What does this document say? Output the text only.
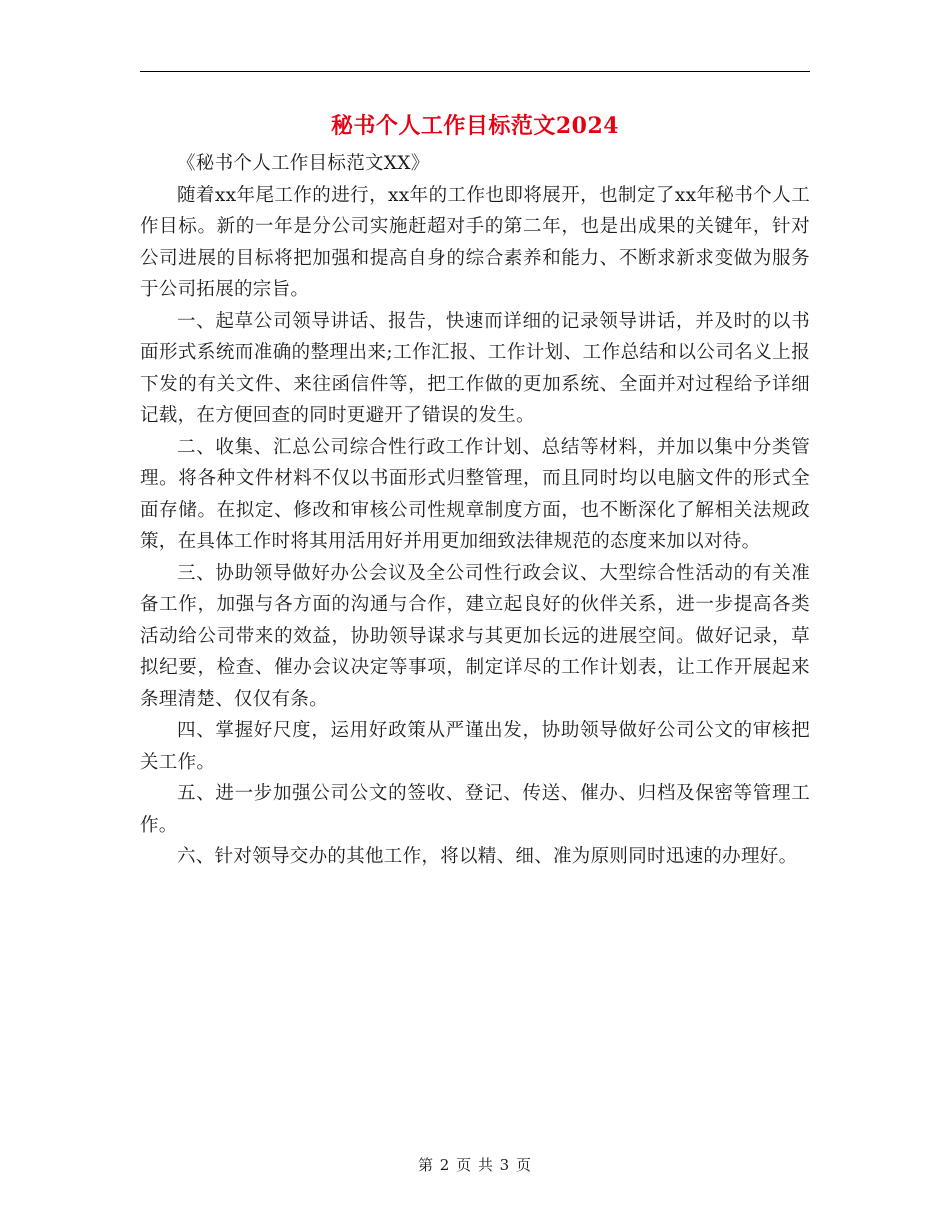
秘书个人工作目标范文2024

《秘书个人工作目标范文XX》

随着xx年尾工作的进行，xx年的工作也即将展开，也制定了xx年秘书个人工作目标。新的一年是分公司实施赶超对手的第二年，也是出成果的关键年，针对公司进展的目标将把加强和提高自身的综合素养和能力、不断求新求变做为服务于公司拓展的宗旨。

一、起草公司领导讲话、报告，快速而详细的记录领导讲话，并及时的以书面形式系统而准确的整理出来;工作汇报、工作计划、工作总结和以公司名义上报下发的有关文件、来往函信件等，把工作做的更加系统、全面并对过程给予详细记载，在方便回查的同时更避开了错误的发生。

二、收集、汇总公司综合性行政工作计划、总结等材料，并加以集中分类管理。将各种文件材料不仅以书面形式归整管理，而且同时均以电脑文件的形式全面存储。在拟定、修改和审核公司性规章制度方面，也不断深化了解相关法规政策，在具体工作时将其用活用好并用更加细致法律规范的态度来加以对待。

三、协助领导做好办公会议及全公司性行政会议、大型综合性活动的有关准备工作，加强与各方面的沟通与合作，建立起良好的伙伴关系，进一步提高各类活动给公司带来的效益，协助领导谋求与其更加长远的进展空间。做好记录，草拟纪要，检查、催办会议决定等事项，制定详尽的工作计划表，让工作开展起来条理清楚、仅仅有条。

四、掌握好尺度，运用好政策从严谨出发，协助领导做好公司公文的审核把关工作。

五、进一步加强公司公文的签收、登记、传送、催办、归档及保密等管理工作。

六、针对领导交办的其他工作，将以精、细、准为原则同时迅速的办理好。

第 2 页 共 3 页
